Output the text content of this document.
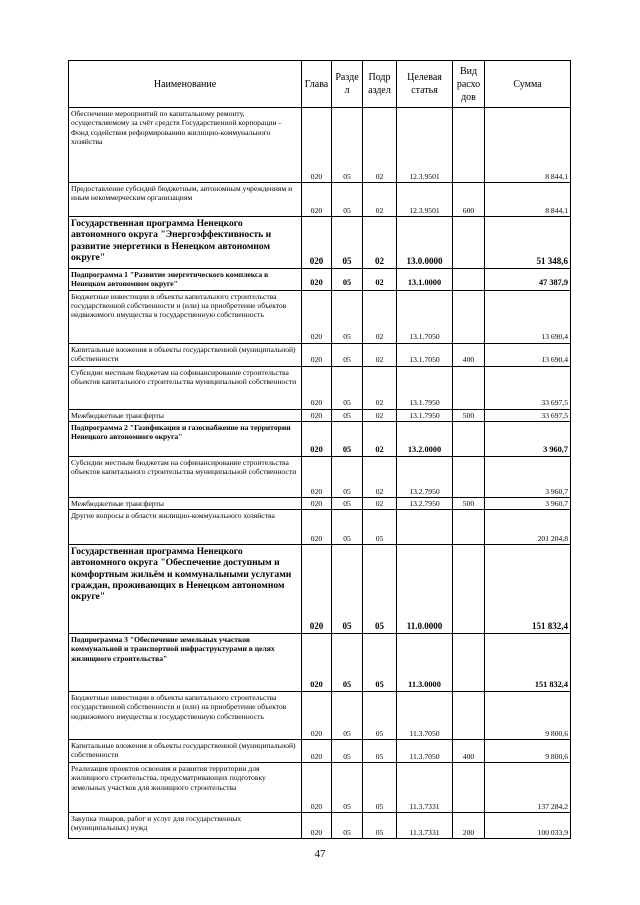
Наименование	Глава	Разде л	Подр аздел	Целевая статья	Вид расхо дов	Сумма
Обеспечение мероприятий по капитальному ремонту, осуществляемому за счёт средств Государственной корпорации - Фонд содействия реформированию жилищно-коммунального хозяйства	020	05	02	12.3.9501		8 844,1
Предоставление субсидий бюджетным, автономным учреждениям и иным некоммерческим организациям	020	05	02	12.3.9501	600	8 844,1
Государственная программа Ненецкого автономного округа "Энергоэффективность и развитие энергетики в Ненецком автономном округе"	020	05	02	13.0.0000		51 348,6
Подпрограмма 1 "Развитие энергетического комплекса в Ненецком автономном округе"	020	05	02	13.1.0000		47 387,9
Бюджетные инвестиции в объекты капитального строительства государственной собственности и (или) на приобретение объектов недвижимого имущества в государственную собственность	020	05	02	13.1.7050		13 690,4
Капитальные вложения в объекты государственной (муниципальной) собственности	020	05	02	13.1.7050	400	13 690,4
Субсидии местным бюджетам на софинансирование строительства объектов капитального строительства муниципальной собственности	020	05	02	13.1.7950		33 697,5
Межбюджетные трансферты	020	05	02	13.1.7950	500	33 697,5
Подпрограмма 2 "Газификация и газоснабжение на территории Ненецкого автономного округа"	020	05	02	13.2.0000		3 960,7
Субсидии местным бюджетам на софинансирование строительства объектов капитального строительства муниципальной собственности	020	05	02	13.2.7950		3 960,7
Межбюджетные трансферты	020	05	02	13.2.7950	500	3 960,7
Другие вопросы в области жилищно-коммунального хозяйства	020	05	05			201 204,8
Государственная программа Ненецкого автономного округа "Обеспечение доступным и комфортным жильём и коммунальными услугами граждан, проживающих в Ненецком автономном округе"	020	05	05	11.0.0000		151 832,4
Подпрограмма 3 "Обеспечение земельных участков коммунальной и транспортной инфраструктурами в целях жилищного строительства"	020	05	05	11.3.0000		151 832,4
Бюджетные инвестиции в объекты капитального строительства государственной собственности и (или) на приобретение объектов недвижимого имущества в государственную собственность	020	05	05	11.3.7050		9 800,6
Капитальные вложения в объекты государственной (муниципальной) собственности	020	05	05	11.3.7050	400	9 800,6
Реализация проектов освоения и развития территории для жилищного строительства, предусматривающих подготовку земельных участков для жилищного строительства	020	05	05	11.3.7331		137 284,2
Закупка товаров, работ и услуг для государственных (муниципальных) нужд	020	05	05	11.3.7331	200	100 033,9
47
